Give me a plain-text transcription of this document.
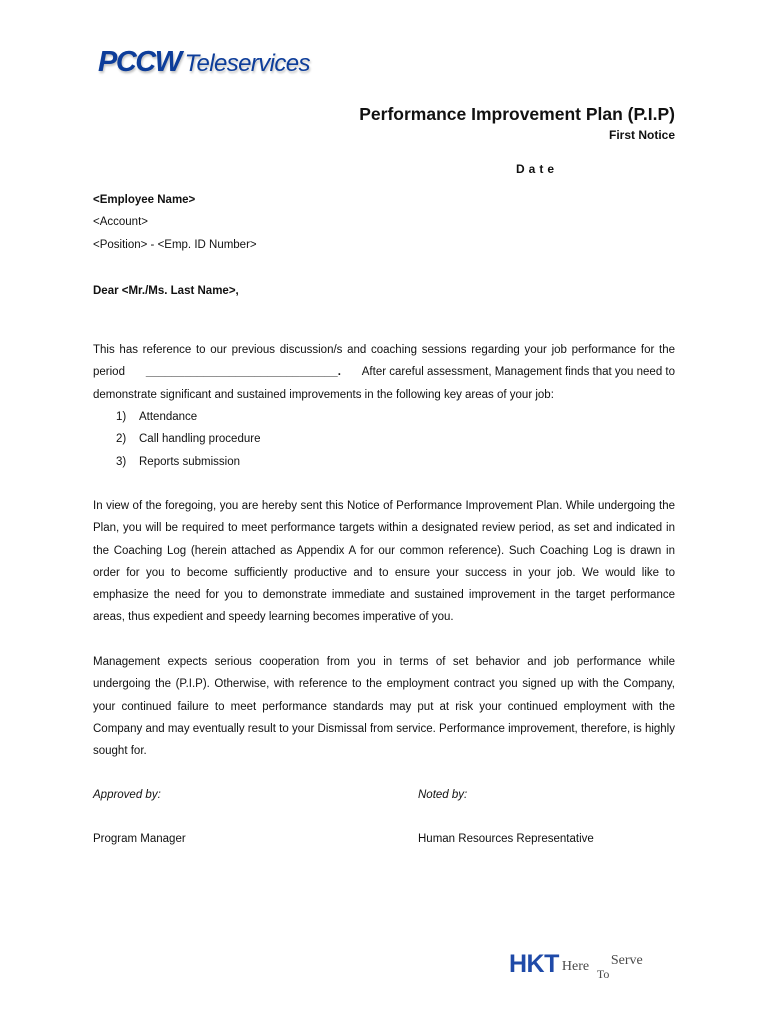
PCCW Teleservices
Performance Improvement Plan (P.I.P)
First Notice
Date
<Employee Name>
<Account>
<Position> - <Emp. ID Number>
Dear <Mr./Ms. Last Name>,
This has reference to our previous discussion/s and coaching sessions regarding your job performance for the
period ______________________________. After careful assessment, Management finds that you need to
demonstrate significant and sustained improvements in the following key areas of your job:
1) Attendance
2) Call handling procedure
3) Reports submission
In view of the foregoing, you are hereby sent this Notice of Performance Improvement Plan. While undergoing the Plan, you will be required to meet performance targets within a designated review period, as set and indicated in the Coaching Log (herein attached as Appendix A for our common reference). Such Coaching Log is drawn in order for you to become sufficiently productive and to ensure your success in your job. We would like to emphasize the need for you to demonstrate immediate and sustained improvement in the target performance areas, thus expedient and speedy learning becomes imperative of you.
Management expects serious cooperation from you in terms of set behavior and job performance while undergoing the (P.I.P). Otherwise, with reference to the employment contract you signed up with the Company, your continued failure to meet performance standards may put at risk your continued employment with the Company and may eventually result to your Dismissal from service. Performance improvement, therefore, is highly sought for.
Approved by:	Noted by:
Program Manager	Human Resources Representative
HKT Here To
Serve
